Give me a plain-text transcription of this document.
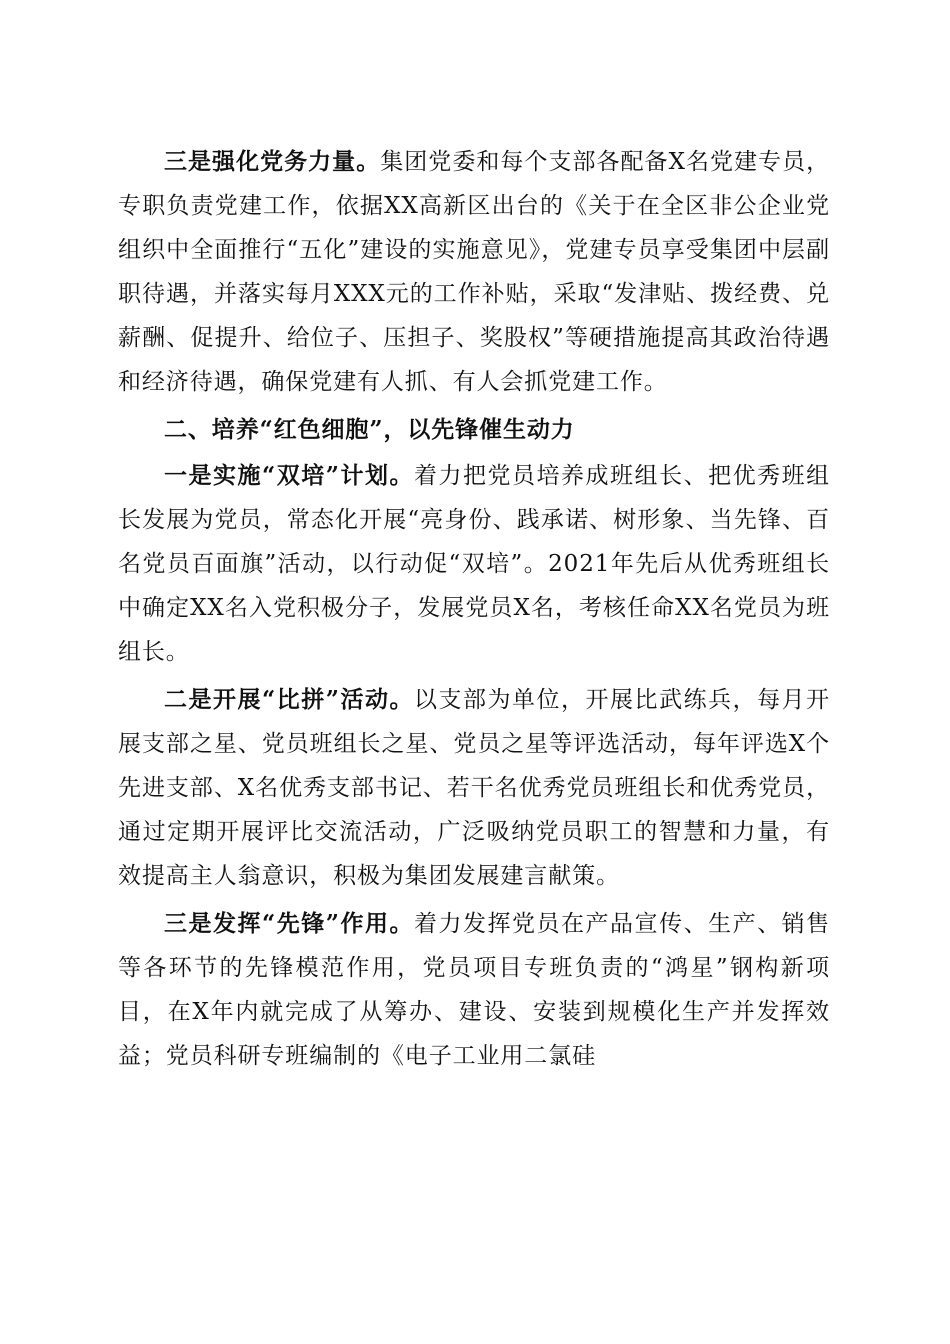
三是强化党务力量。集团党委和每个支部各配备X名党建专员，专职负责党建工作，依据XX高新区出台的《关于在全区非公企业党组织中全面推行“五化”建设的实施意见》，党建专员享受集团中层副职待遇，并落实每月XXX元的工作补贴，采取“发津贴、拨经费、兑薪酬、促提升、给位子、压担子、奖股权”等硬措施提高其政治待遇和经济待遇，确保党建有人抓、有人会抓党建工作。

二、培养“红色细胞”，以先锋催生动力

一是实施“双培”计划。着力把党员培养成班组长、把优秀班组长发展为党员，常态化开展“亮身份、践承诺、树形象、当先锋、百名党员百面旗”活动，以行动促“双培”。2021年先后从优秀班组长中确定XX名入党积极分子，发展党员X名，考核任命XX名党员为班组长。

二是开展“比拼”活动。以支部为单位，开展比武练兵，每月开展支部之星、党员班组长之星、党员之星等评选活动，每年评选X个先进支部、X名优秀支部书记、若干名优秀党员班组长和优秀党员，通过定期开展评比交流活动，广泛吸纳党员职工的智慧和力量，有效提高主人翁意识，积极为集团发展建言献策。

三是发挥“先锋”作用。着力发挥党员在产品宣传、生产、销售等各环节的先锋模范作用，党员项目专班负责的“鸿星”钢构新项目，在X年内就完成了从筹办、建设、安装到规模化生产并发挥效益；党员科研专班编制的《电子工业用二氯硅
